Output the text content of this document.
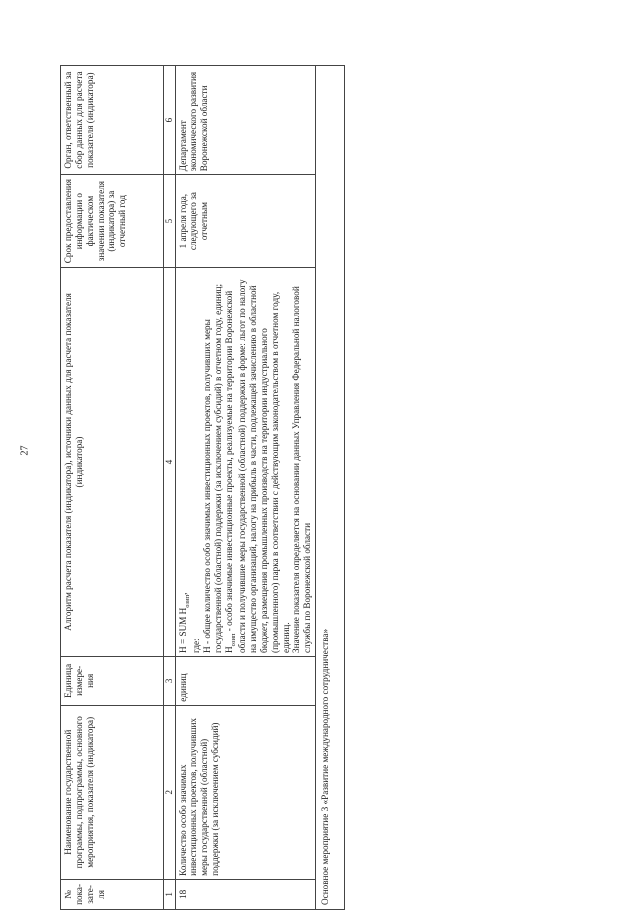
27
№ пока-зате-ля	Наименование государственной программы, подпрограммы, основного мероприятия, показателя (индикатора)	Единица измере-ния	Алгоритм расчета показателя (индикатора), источники данных для расчета показателя (индикатора)	Срок предоставления информации о фактическом значении показателя (индикатора) за отчетный год	Орган, ответственный за сбор данных для расчета показателя (индикатора)
1	2	3	4	5	6
18	Количество особо значимых инвестиционных проектов, получивших меры государственной (областной) поддержки (за исключением субсидий)	единиц	Н = SUM $Н_{озип}$,

где: Н - общее количество особо значимых инвестиционных проектов, получивших меры государственной (областной) поддержки (за исключением субсидий) в отчетном году, единиц; $Н_{озип}$ - особо значимые инвестиционные проекты, реализуемые на территории Воронежской области и получившие меры государственной (областной) поддержки в форме: льгот по налогу на имущество организаций, налогу на прибыль в части, подлежащей зачислению в областной бюджет, размещения промышленных производств на территории индустриального (промышленного) парка в соответствии с действующим законодательством в отчетном году, единиц. Значение показателя определяется на основании данных Управления Федеральной налоговой службы по Воронежской области	1 апреля года, следующего за отчетным	Департамент экономического развития Воронежской области
Основное мероприятие 3 «Развитие международного сотрудничества»					
